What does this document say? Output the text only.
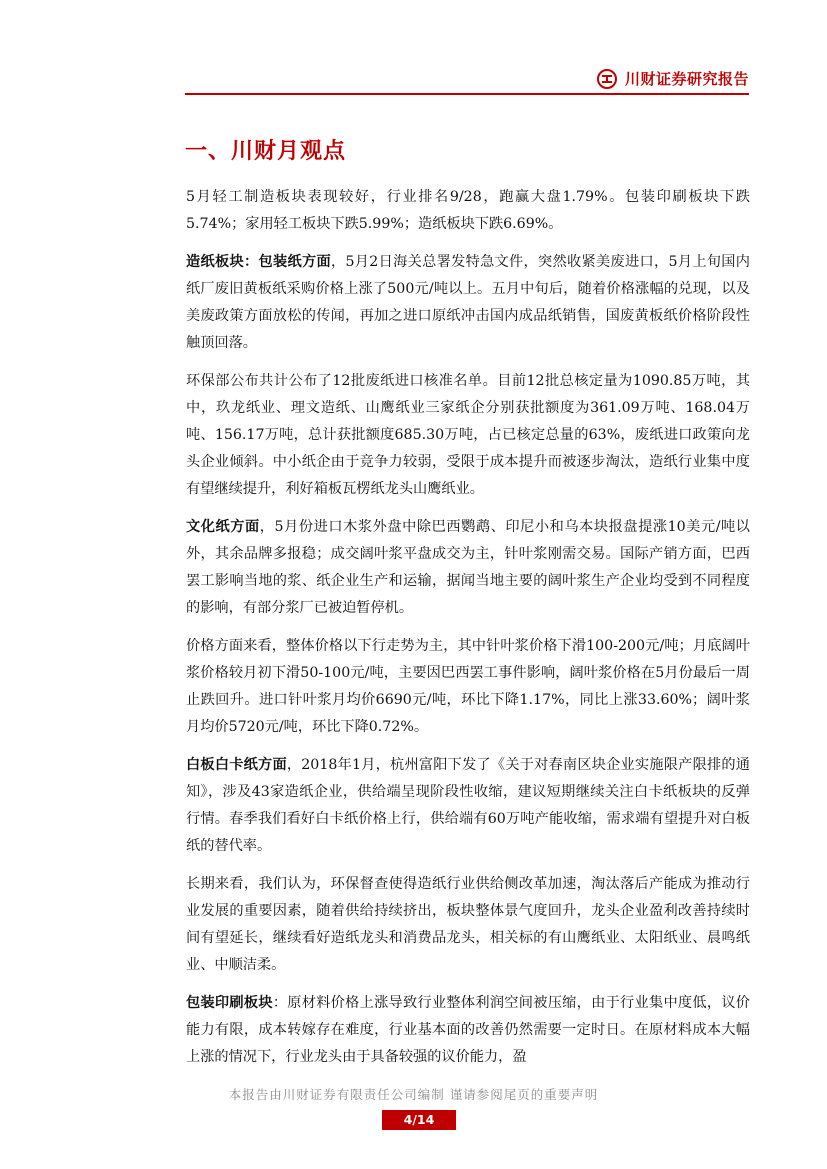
川财证券研究报告
一、川财月观点

5月轻工制造板块表现较好，行业排名9/28，跑赢大盘1.79%。包装印刷板块下跌5.74%；家用轻工板块下跌5.99%；造纸板块下跌6.69%。

造纸板块：包装纸方面，5月2日海关总署发特急文件，突然收紧美废进口，5月上旬国内纸厂废旧黄板纸采购价格上涨了500元/吨以上。五月中旬后，随着价格涨幅的兑现，以及美废政策方面放松的传闻，再加之进口原纸冲击国内成品纸销售，国废黄板纸价格阶段性触顶回落。

环保部公布共计公布了12批废纸进口核准名单。目前12批总核定量为1090.85万吨，其中，玖龙纸业、理文造纸、山鹰纸业三家纸企分别获批额度为361.09万吨、168.04万吨、156.17万吨，总计获批额度685.30万吨，占已核定总量的63%，废纸进口政策向龙头企业倾斜。中小纸企由于竞争力较弱，受限于成本提升而被逐步淘汰，造纸行业集中度有望继续提升，利好箱板瓦楞纸龙头山鹰纸业。

文化纸方面，5月份进口木浆外盘中除巴西鹦鹉、印尼小和乌本块报盘提涨10美元/吨以外，其余品牌多报稳；成交阔叶浆平盘成交为主，针叶浆刚需交易。国际产销方面，巴西罢工影响当地的浆、纸企业生产和运输，据闻当地主要的阔叶浆生产企业均受到不同程度的影响，有部分浆厂已被迫暂停机。

价格方面来看，整体价格以下行走势为主，其中针叶浆价格下滑100-200元/吨；月底阔叶浆价格较月初下滑50-100元/吨，主要因巴西罢工事件影响，阔叶浆价格在5月份最后一周止跌回升。进口针叶浆月均价6690元/吨，环比下降1.17%，同比上涨33.60%；阔叶浆月均价5720元/吨，环比下降0.72%。

白板白卡纸方面，2018年1月，杭州富阳下发了《关于对春南区块企业实施限产限排的通知》，涉及43家造纸企业，供给端呈现阶段性收缩，建议短期继续关注白卡纸板块的反弹行情。春季我们看好白卡纸价格上行，供给端有60万吨产能收缩，需求端有望提升对白板纸的替代率。

长期来看，我们认为，环保督查使得造纸行业供给侧改革加速，淘汰落后产能成为推动行业发展的重要因素，随着供给持续挤出，板块整体景气度回升，龙头企业盈利改善持续时间有望延长，继续看好造纸龙头和消费品龙头，相关标的有山鹰纸业、太阳纸业、晨鸣纸业、中顺洁柔。

包装印刷板块：原材料价格上涨导致行业整体利润空间被压缩，由于行业集中度低，议价能力有限，成本转嫁存在难度，行业基本面的改善仍然需要一定时日。在原材料成本大幅上涨的情况下，行业龙头由于具备较强的议价能力，盈

本报告由川财证券有限责任公司编制 谨请参阅尾页的重要声明
4/14
